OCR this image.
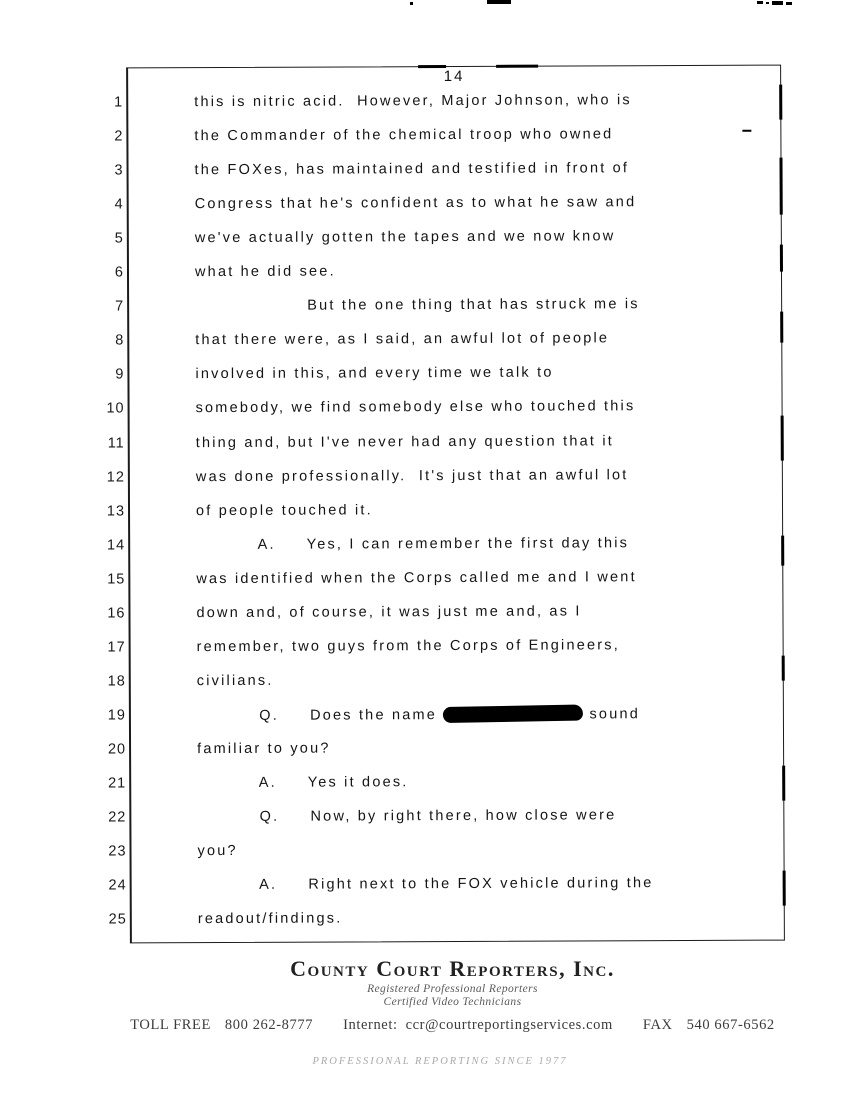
14
1	this is nitric acid.  However, Major Johnson, who is
2	the Commander of the chemical troop who owned
3	the FOXes, has maintained and testified in front of
4	Congress that he's confident as to what he saw and
5	we've actually gotten the tapes and we now know
6	what he did see.
7	But the one thing that has struck me is
8	that there were, as I said, an awful lot of people
9	involved in this, and every time we talk to
10	somebody, we find somebody else who touched this
11	thing and, but I've never had any question that it
12	was done professionally.  It's just that an awful lot
13	of people touched it.
14	A.     Yes, I can remember the first day this
15	was identified when the Corps called me and I went
16	down and, of course, it was just me and, as I
17	remember, two guys from the Corps of Engineers,
18	civilians.
19	Q.     Does the name	sound
20	familiar to you?
21	A.     Yes it does.
22	Q.     Now, by right there, how close were
23	you?
24	A.     Right next to the FOX vehicle during the
25	readout/findings.
County Court Reporters, Inc.
Registered Professional Reporters
Certified Video Technicians
TOLL FREE 800 262-8777 Internet: ccr@courtreportingservices.com FAX 540 667-6562
PROFESSIONAL REPORTING SINCE 1977
